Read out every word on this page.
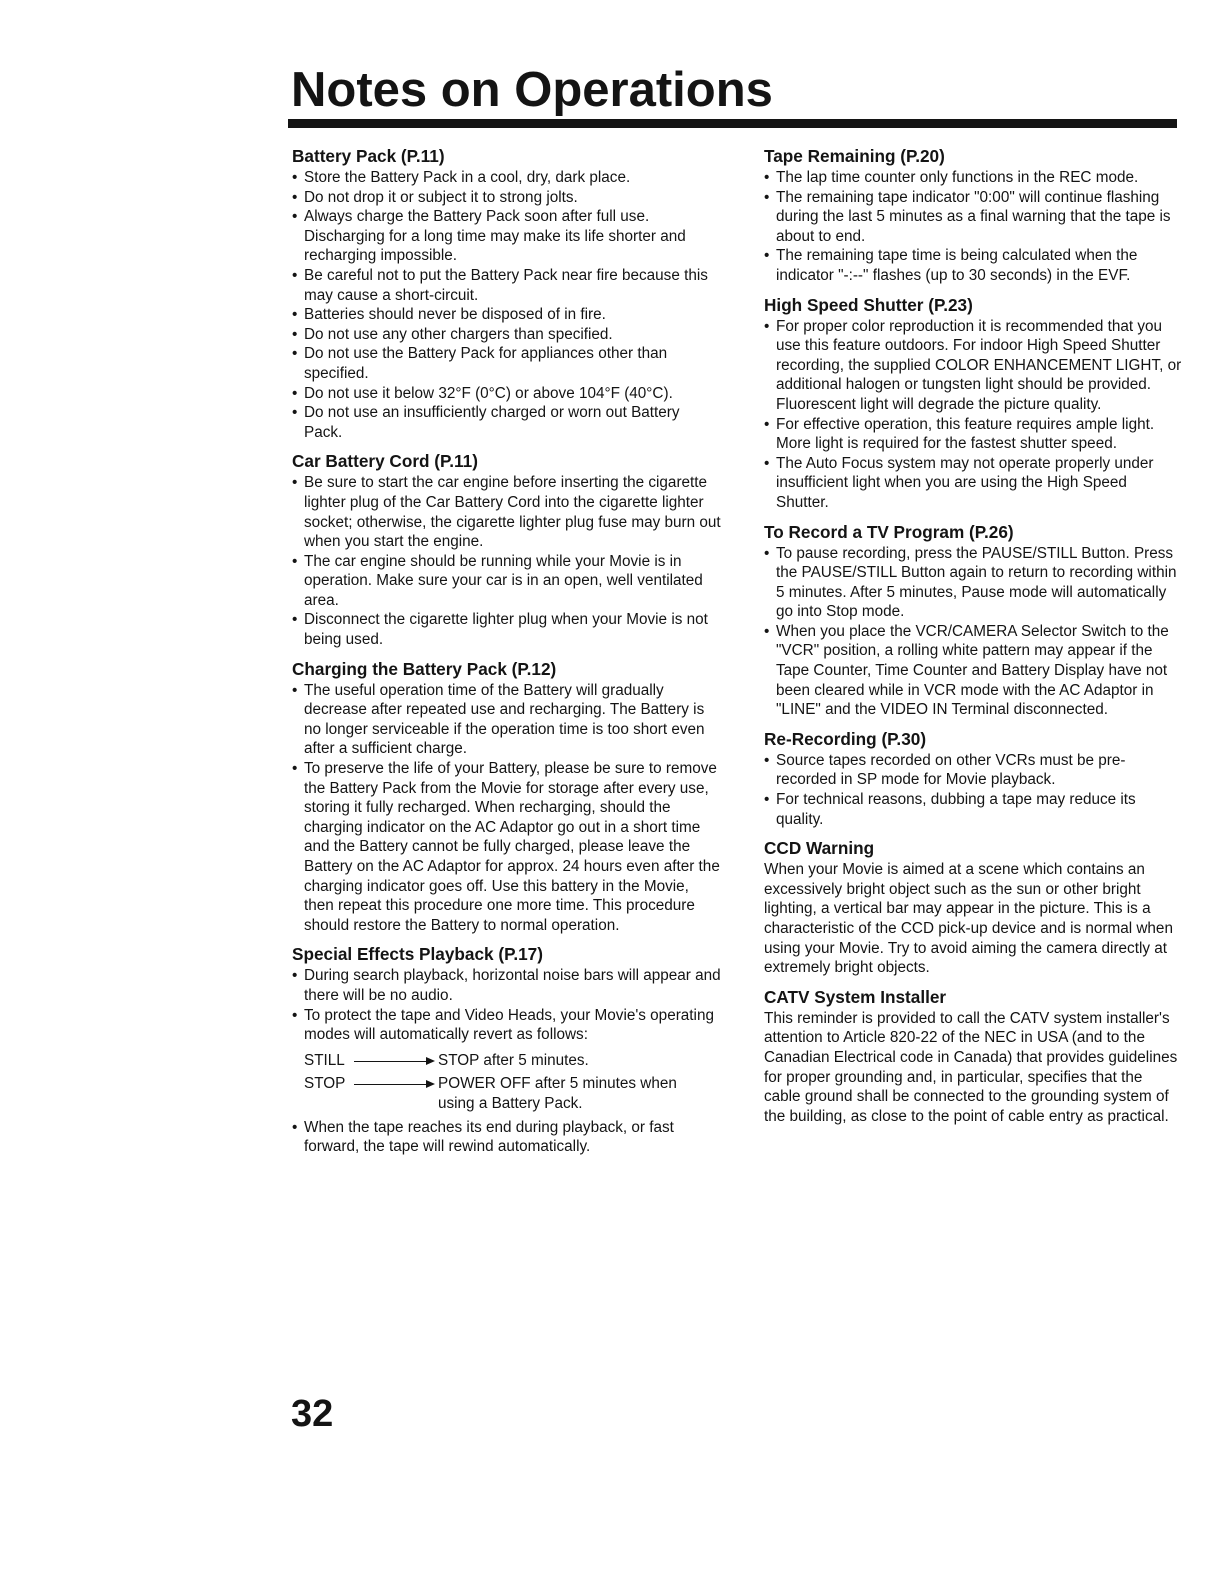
Notes on Operations
Battery Pack (P.11)
• Store the Battery Pack in a cool, dry, dark place.
• Do not drop it or subject it to strong jolts.
• Always charge the Battery Pack soon after full use. Discharging for a long time may make its life shorter and recharging impossible.
• Be careful not to put the Battery Pack near fire because this may cause a short-circuit.
• Batteries should never be disposed of in fire.
• Do not use any other chargers than specified.
• Do not use the Battery Pack for appliances other than specified.
• Do not use it below 32°F (0°C) or above 104°F (40°C).
• Do not use an insufficiently charged or worn out Battery Pack.
Car Battery Cord (P.11)
• Be sure to start the car engine before inserting the cigarette lighter plug of the Car Battery Cord into the cigarette lighter socket; otherwise, the cigarette lighter plug fuse may burn out when you start the engine.
• The car engine should be running while your Movie is in operation. Make sure your car is in an open, well ventilated area.
• Disconnect the cigarette lighter plug when your Movie is not being used.
Charging the Battery Pack (P.12)
• The useful operation time of the Battery will gradually decrease after repeated use and recharging. The Battery is no longer serviceable if the operation time is too short even after a sufficient charge.
• To preserve the life of your Battery, please be sure to remove the Battery Pack from the Movie for storage after every use, storing it fully recharged. When recharging, should the charging indicator on the AC Adaptor go out in a short time and the Battery cannot be fully charged, please leave the Battery on the AC Adaptor for approx. 24 hours even after the charging indicator goes off. Use this battery in the Movie, then repeat this procedure one more time. This procedure should restore the Battery to normal operation.
Special Effects Playback (P.17)
• During search playback, horizontal noise bars will appear and there will be no audio.
• To protect the tape and Video Heads, your Movie's operating modes will automatically revert as follows:
STILL	STOP after 5 minutes.
STOP	POWER OFF after 5 minutes when using a Battery Pack.
• When the tape reaches its end during playback, or fast forward, the tape will rewind automatically.
Tape Remaining (P.20)
• The lap time counter only functions in the REC mode.
• The remaining tape indicator "0:00" will continue flashing during the last 5 minutes as a final warning that the tape is about to end.
• The remaining tape time is being calculated when the indicator "-:--" flashes (up to 30 seconds) in the EVF.
High Speed Shutter (P.23)
• For proper color reproduction it is recommended that you use this feature outdoors. For indoor High Speed Shutter recording, the supplied COLOR ENHANCEMENT LIGHT, or additional halogen or tungsten light should be provided. Fluorescent light will degrade the picture quality.
• For effective operation, this feature requires ample light. More light is required for the fastest shutter speed.
• The Auto Focus system may not operate properly under insufficient light when you are using the High Speed Shutter.
To Record a TV Program (P.26)
• To pause recording, press the PAUSE/STILL Button. Press the PAUSE/STILL Button again to return to recording within 5 minutes. After 5 minutes, Pause mode will automatically go into Stop mode.
• When you place the VCR/CAMERA Selector Switch to the "VCR" position, a rolling white pattern may appear if the Tape Counter, Time Counter and Battery Display have not been cleared while in VCR mode with the AC Adaptor in "LINE" and the VIDEO IN Terminal disconnected.
Re-Recording (P.30)
• Source tapes recorded on other VCRs must be pre-recorded in SP mode for Movie playback.
• For technical reasons, dubbing a tape may reduce its quality.
CCD Warning

When your Movie is aimed at a scene which contains an excessively bright object such as the sun or other bright lighting, a vertical bar may appear in the picture. This is a characteristic of the CCD pick-up device and is normal when using your Movie. Try to avoid aiming the camera directly at extremely bright objects.

CATV System Installer

This reminder is provided to call the CATV system installer's attention to Article 820-22 of the NEC in USA (and to the Canadian Electrical code in Canada) that provides guidelines for proper grounding and, in particular, specifies that the cable ground shall be connected to the grounding system of the building, as close to the point of cable entry as practical.

32
